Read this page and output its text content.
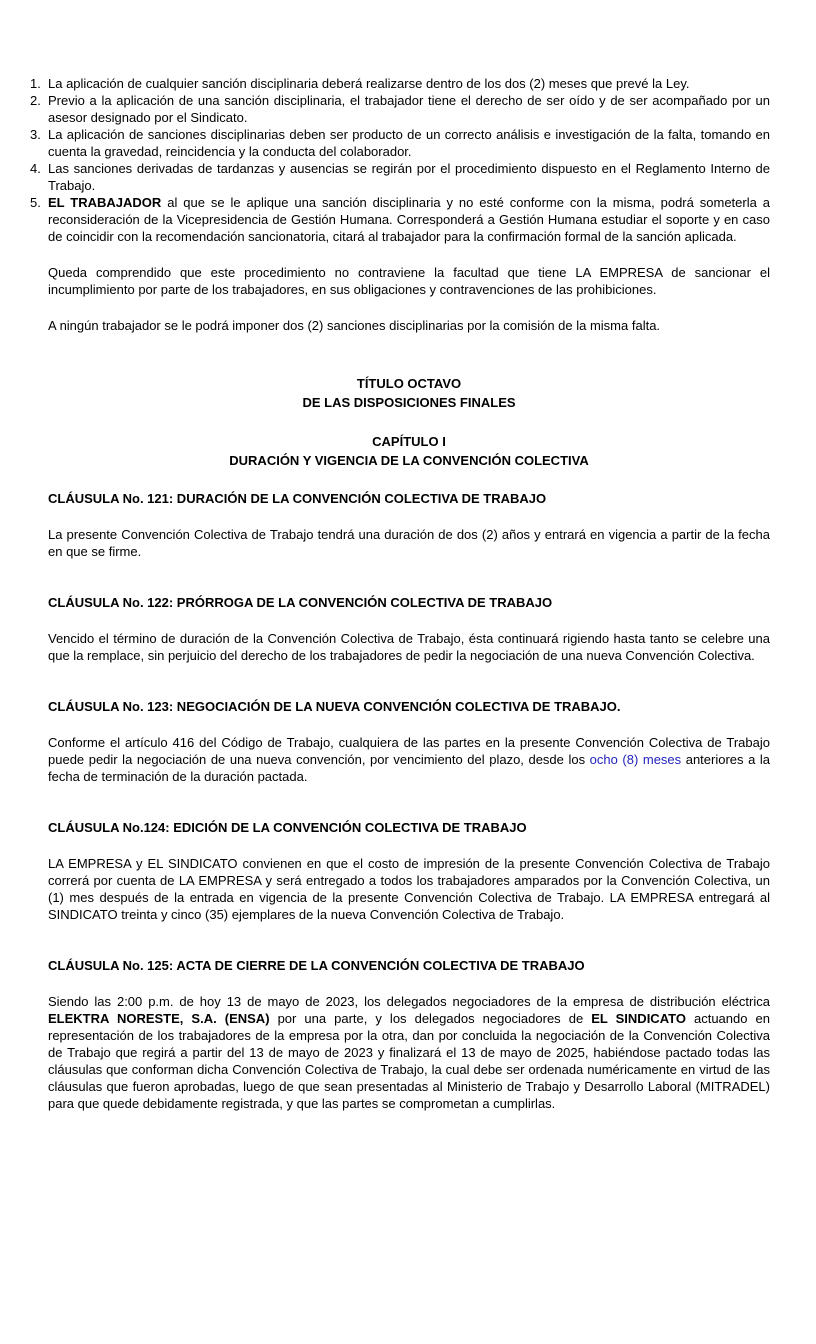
1. La aplicación de cualquier sanción disciplinaria deberá realizarse dentro de los dos (2) meses que prevé la Ley.
2. Previo a la aplicación de una sanción disciplinaria, el trabajador tiene el derecho de ser oído y de ser acompañado por un asesor designado por el Sindicato.
3. La aplicación de sanciones disciplinarias deben ser producto de un correcto análisis e investigación de la falta, tomando en cuenta la gravedad, reincidencia y la conducta del colaborador.
4. Las sanciones derivadas de tardanzas y ausencias se regirán por el procedimiento dispuesto en el Reglamento Interno de Trabajo.
5. EL TRABAJADOR al que se le aplique una sanción disciplinaria y no esté conforme con la misma, podrá someterla a reconsideración de la Vicepresidencia de Gestión Humana. Corresponderá a Gestión Humana estudiar el soporte y en caso de coincidir con la recomendación sancionatoria, citará al trabajador para la confirmación formal de la sanción aplicada.

Queda comprendido que este procedimiento no contraviene la facultad que tiene LA EMPRESA de sancionar el incumplimiento por parte de los trabajadores, en sus obligaciones y contravenciones de las prohibiciones.

A ningún trabajador se le podrá imponer dos (2) sanciones disciplinarias por la comisión de la misma falta.

TÍTULO OCTAVO
DE LAS DISPOSICIONES FINALES
CAPÍTULO I
DURACIÓN Y VIGENCIA DE LA CONVENCIÓN COLECTIVA
CLÁUSULA No. 121: DURACIÓN DE LA CONVENCIÓN COLECTIVA DE TRABAJO

La presente Convención Colectiva de Trabajo tendrá una duración de dos (2) años y entrará en vigencia a partir de la fecha en que se firme.

CLÁUSULA No. 122: PRÓRROGA DE LA CONVENCIÓN COLECTIVA DE TRABAJO

Vencido el término de duración de la Convención Colectiva de Trabajo, ésta continuará rigiendo hasta tanto se celebre una que la remplace, sin perjuicio del derecho de los trabajadores de pedir la negociación de una nueva Convención Colectiva.

CLÁUSULA No. 123: NEGOCIACIÓN DE LA NUEVA CONVENCIÓN COLECTIVA DE TRABAJO.

Conforme el artículo 416 del Código de Trabajo, cualquiera de las partes en la presente Convención Colectiva de Trabajo puede pedir la negociación de una nueva convención, por vencimiento del plazo, desde los ocho (8) meses anteriores a la fecha de terminación de la duración pactada.

CLÁUSULA No.124: EDICIÓN DE LA CONVENCIÓN COLECTIVA DE TRABAJO

LA EMPRESA y EL SINDICATO convienen en que el costo de impresión de la presente Convención Colectiva de Trabajo correrá por cuenta de LA EMPRESA y será entregado a todos los trabajadores amparados por la Convención Colectiva, un (1) mes después de la entrada en vigencia de la presente Convención Colectiva de Trabajo. LA EMPRESA entregará al SINDICATO treinta y cinco (35) ejemplares de la nueva Convención Colectiva de Trabajo.

CLÁUSULA No. 125: ACTA DE CIERRE DE LA CONVENCIÓN COLECTIVA DE TRABAJO

Siendo las 2:00 p.m. de hoy 13 de mayo de 2023, los delegados negociadores de la empresa de distribución eléctrica ELEKTRA NORESTE, S.A. (ENSA) por una parte, y los delegados negociadores de EL SINDICATO actuando en representación de los trabajadores de la empresa por la otra, dan por concluida la negociación de la Convención Colectiva de Trabajo que regirá a partir del 13 de mayo de 2023 y finalizará el 13 de mayo de 2025, habiéndose pactado todas las cláusulas que conforman dicha Convención Colectiva de Trabajo, la cual debe ser ordenada numéricamente en virtud de las cláusulas que fueron aprobadas, luego de que sean presentadas al Ministerio de Trabajo y Desarrollo Laboral (MITRADEL) para que quede debidamente registrada, y que las partes se comprometan a cumplirlas.
